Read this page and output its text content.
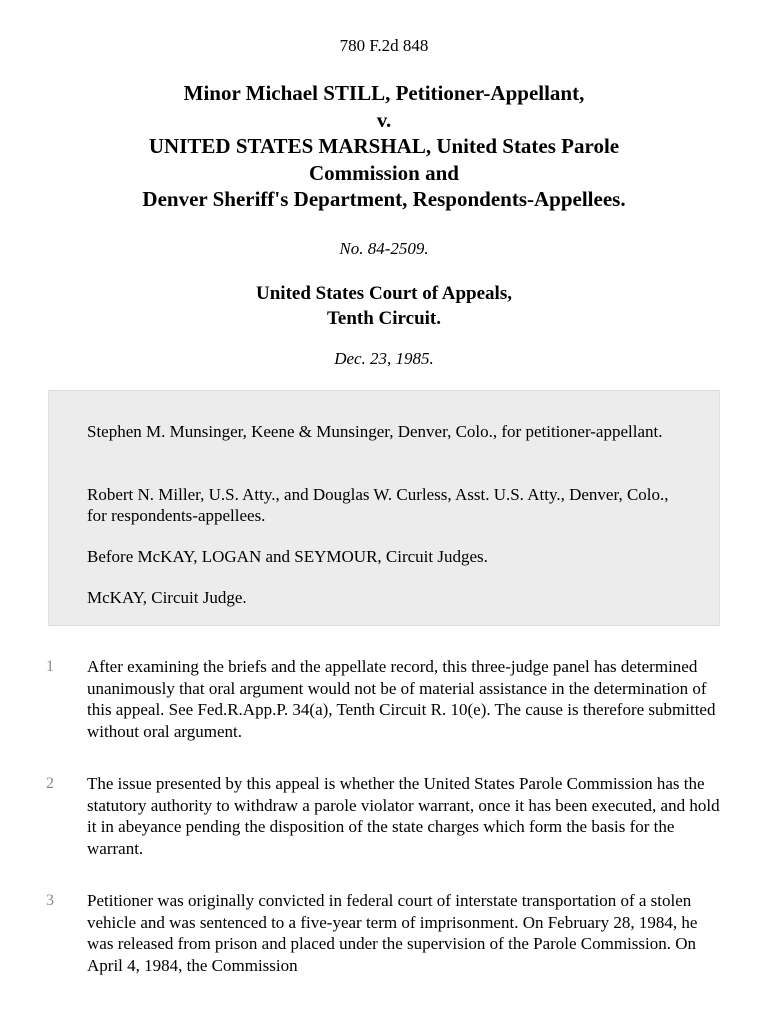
780 F.2d 848
Minor Michael STILL, Petitioner-Appellant,
v.
UNITED STATES MARSHAL, United States Parole
Commission and
Denver Sheriff's Department, Respondents-Appellees.
No. 84-2509.
United States Court of Appeals,
Tenth Circuit.
Dec. 23, 1985.

Stephen M. Munsinger, Keene & Munsinger, Denver, Colo., for petitioner-appellant.

Robert N. Miller, U.S. Atty., and Douglas W. Curless, Asst. U.S. Atty., Denver, Colo., for respondents-appellees.

Before McKAY, LOGAN and SEYMOUR, Circuit Judges.

McKAY, Circuit Judge.

1 After examining the briefs and the appellate record, this three-judge panel has determined unanimously that oral argument would not be of material assistance in the determination of this appeal. See Fed.R.App.P. 34(a), Tenth Circuit R. 10(e). The cause is therefore submitted without oral argument.

2 The issue presented by this appeal is whether the United States Parole Commission has the statutory authority to withdraw a parole violator warrant, once it has been executed, and hold it in abeyance pending the disposition of the state charges which form the basis for the warrant.

3 Petitioner was originally convicted in federal court of interstate transportation of a stolen vehicle and was sentenced to a five-year term of imprisonment. On February 28, 1984, he was released from prison and placed under the supervision of the Parole Commission. On April 4, 1984, the Commission
